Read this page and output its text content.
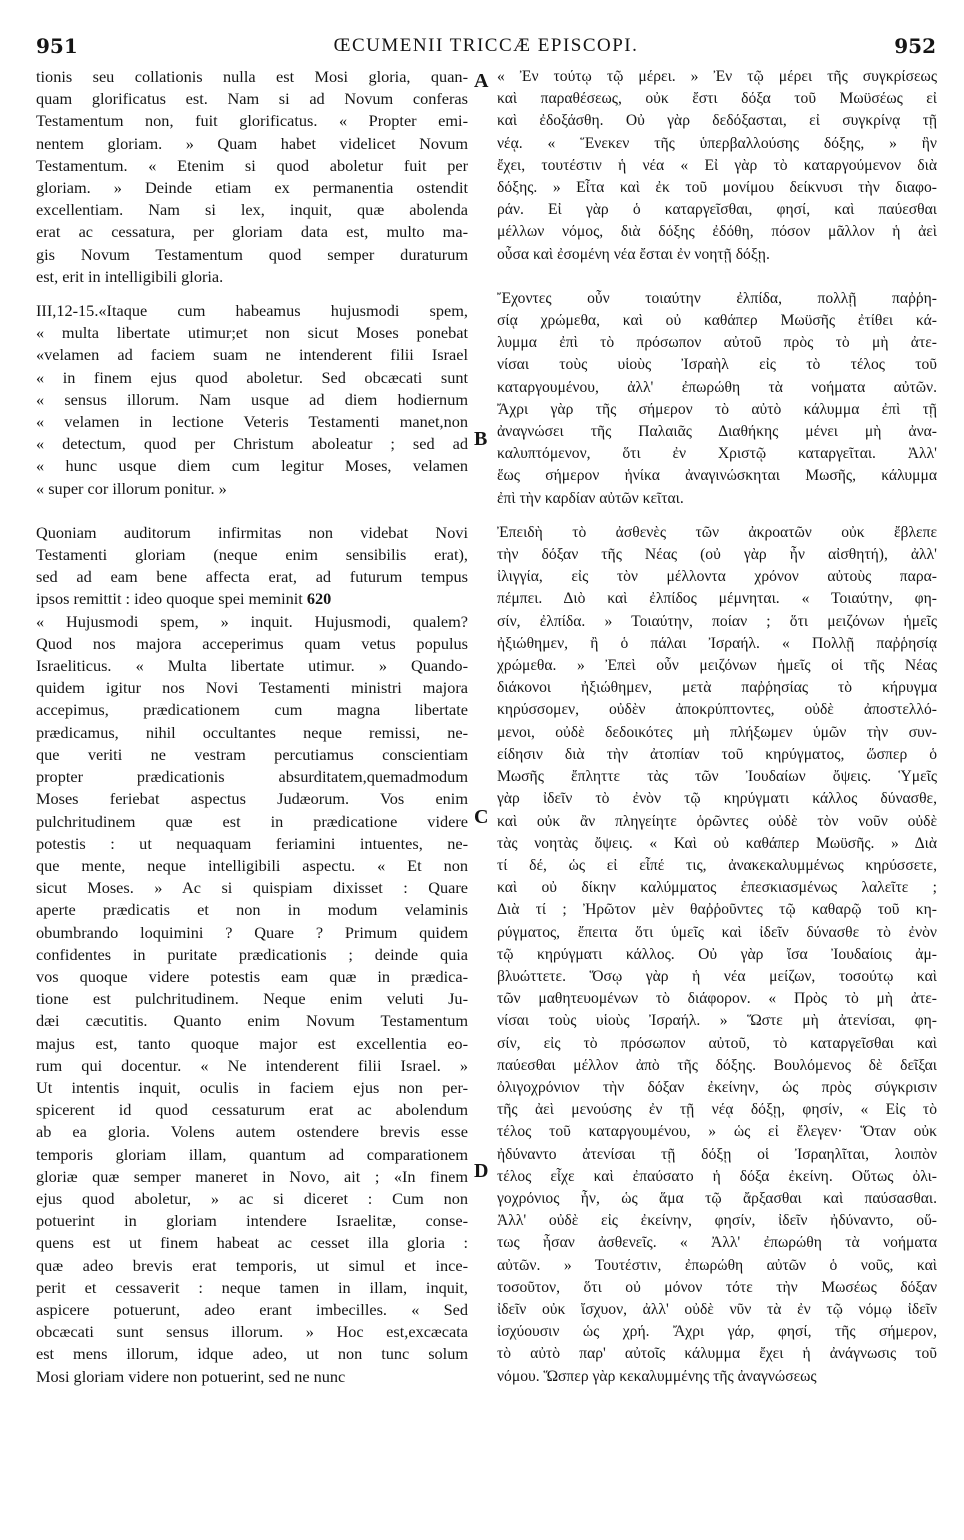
951	ŒCUMENII TRICCÆ EPISCOPI.	952
A
B
C
D
tionis seu collationis nulla est Mosi gloria, quan-
quam glorificatus est. Nam si ad Novum conferas
Testamentum non, fuit glorificatus. « Propter emi-
nentem gloriam. » Quam habet videlicet Novum
Testamentum. « Etenim si quod aboletur fuit per
gloriam. » Deinde etiam ex permanentia ostendit
excellentiam. Nam si lex, inquit, quæ abolenda
erat ac cessatura, per gloriam data est, multo ma-
gis Novum Testamentum quod semper duraturum
est, erit in intelligibili gloria.
III,12-15.«Itaque cum habeamus hujusmodi spem,
« multa libertate utimur;et non sicut Moses ponebat
«velamen ad faciem suam ne intenderent filii Israel
« in finem ejus quod aboletur. Sed obcæcati sunt
« sensus illorum. Nam usque ad diem hodiernum
« velamen in lectione Veteris Testamenti manet,non
« detectum, quod per Christum aboleatur ; sed ad
« hunc usque diem cum legitur Moses, velamen
« super cor illorum ponitur. »
Quoniam auditorum infirmitas non videbat Novi
Testamenti gloriam (neque enim sensibilis erat),
sed ad eam bene affecta erat, ad futurum tempus
ipsos remittit : ideo quoque spei meminit 620
« Hujusmodi spem, » inquit. Hujusmodi, qualem?
Quod nos majora acceperimus quam vetus populus
Israeliticus. « Multa libertate utimur. » Quando-
quidem igitur nos Novi Testamenti ministri majora
accepimus, prædicationem cum magna libertate
prædicamus, nihil occultantes neque remissi, ne-
que veriti ne vestram percutiamus conscientiam
propter prædicationis absurditatem,quemadmodum
Moses feriebat aspectus Judæorum. Vos enim
pulchritudinem quæ est in prædicatione videre
potestis : ut nequaquam feriamini intuentes, ne-
que mente, neque intelligibili aspectu. « Et non
sicut Moses. » Ac si quispiam dixisset : Quare
aperte prædicatis et non in modum velaminis
obumbrando loquimini ? Quare ? Primum quidem
confidentes in puritate prædicationis ; deinde quia
vos quoque videre potestis eam quæ in prædica-
tione est pulchritudinem. Neque enim veluti Ju-
dæi cæcutitis. Quanto enim Novum Testamentum
majus est, tanto quoque major est excellentia eo-
rum qui docentur. « Ne intenderent filii Israel. »
Ut intentis inquit, oculis in faciem ejus non per-
spicerent id quod cessaturum erat ac abolendum
ab ea gloria. Volens autem ostendere brevis esse
temporis gloriam illam, quantum ad comparationem
gloriæ quæ semper maneret in Novo, ait ; «In finem
ejus quod aboletur, » ac si diceret : Cum non
potuerint in gloriam intendere Israelitæ, conse-
quens est ut finem habeat ac cesset illa gloria :
quæ adeo brevis erat temporis, ut simul et ince-
perit et cessaverit : neque tamen in illam, inquit,
aspicere potuerunt, adeo erant imbecilles. « Sed
obcæcati sunt sensus illorum. » Hoc est,excæcata
est mens illorum, idque adeo, ut non tunc solum
Mosi gloriam videre non potuerint, sed ne nunc
« Ἐν τούτῳ τῷ μέρει. » Ἐν τῷ μέρει τῆς συγκρίσεως
καὶ παραθέσεως, οὐκ ἔστι δόξα τοῦ Μωϋσέως εἰ
καὶ ἐδοξάσθη. Οὐ γὰρ δεδόξασται, εἰ συγκρίνᾳ τῇ
νέᾳ. « Ἕνεκεν τῆς ὑπερβαλλούσης δόξης, » ἣν
ἔχει, τουτέστιν ἡ νέα « Εἰ γὰρ τὸ καταργούμενον διὰ
δόξης. » Εἶτα καὶ ἐκ τοῦ μονίμου δείκνυσι τὴν διαφο-
ράν. Εἰ γὰρ ὁ καταργεῖσθαι, φησί, καὶ παύεσθαι
μέλλων νόμος, διὰ δόξης ἐδόθη, πόσον μᾶλλον ἡ ἀεὶ
οὖσα καὶ ἐσομένη νέα ἔσται ἐν νοητῇ δόξῃ.
Ἔχοντες οὖν τοιαύτην ἐλπίδα, πολλῇ παῤῥη-
σίᾳ χρώμεθα, καὶ οὐ καθάπερ Μωϋσῆς ἐτίθει κά-
λυμμα ἐπὶ τὸ πρόσωπον αὐτοῦ πρὸς τὸ μὴ ἀτε-
νίσαι τοὺς υἱοὺς Ἰσραὴλ εἰς τὸ τέλος τοῦ
καταργουμένου, ἀλλ' ἐπωρώθη τὰ νοήματα αὐτῶν.
Ἄχρι γὰρ τῆς σήμερον τὸ αὐτὸ κάλυμμα ἐπὶ τῇ
ἀναγνώσει τῆς Παλαιᾶς Διαθήκης μένει μὴ ἀνα-
καλυπτόμενον, ὅτι ἐν Χριστῷ καταργεῖται. Ἀλλ'
ἕως σήμερον ἡνίκα ἀναγινώσκηται Μωσῆς, κάλυμμα
ἐπὶ τὴν καρδίαν αὐτῶν κεῖται.
Ἐπειδὴ τὸ ἀσθενὲς τῶν ἀκροατῶν οὐκ ἔβλεπε
τὴν δόξαν τῆς Νέας (οὐ γὰρ ἦν αἰσθητή), ἀλλ'
ἰλιγγία, εἰς τὸν μέλλοντα χρόνον αὐτοὺς παρα-
πέμπει. Διὸ καὶ ἐλπίδος μέμνηται. « Τοιαύτην, φη-
σίν, ἐλπίδα. » Τοιαύτην, ποίαν ; ὅτι μειζόνων ἡμεῖς
ἠξιώθημεν, ἢ ὁ πάλαι Ἰσραήλ. « Πολλῇ παῤῥησίᾳ
χρώμεθα. » Ἐπεὶ οὖν μειζόνων ἡμεῖς οἱ τῆς Νέας
διάκονοι ἠξιώθημεν, μετὰ παῤῥησίας τὸ κήρυγμα
κηρύσσομεν, οὐδὲν ἀποκρύπτοντες, οὐδὲ ἀποστελλό-
μενοι, οὐδὲ δεδοικότες μὴ πλήξωμεν ὑμῶν τὴν συν-
είδησιν διὰ τὴν ἀτοπίαν τοῦ κηρύγματος, ὥσπερ ὁ
Μωσῆς ἔπληττε τὰς τῶν Ἰουδαίων ὄψεις. Ὑμεῖς
γὰρ ἰδεῖν τὸ ἐνὸν τῷ κηρύγματι κάλλος δύνασθε,
καὶ οὐκ ἂν πληγείητε ὁρῶντες οὐδὲ τὸν νοῦν οὐδὲ
τὰς νοητὰς ὄψεις. « Καὶ οὐ καθάπερ Μωϋσῆς. » Διὰ
τί δέ, ὡς εἰ εἶπέ τις, ἀνακεκαλυμμένως κηρύσσετε,
καὶ οὐ δίκην καλύμματος ἐπεσκιασμένως λαλεῖτε ;
Διὰ τί ; Ἠρῶτον μὲν θαῤῥοῦντες τῷ καθαρῷ τοῦ κη-
ρύγματος, ἔπειτα ὅτι ὑμεῖς καὶ ἰδεῖν δύνασθε τὸ ἐνὸν
τῷ κηρύγματι κάλλος. Οὐ γὰρ ἴσα Ἰουδαίοις ἀμ-
βλυώττετε. Ὅσῳ γὰρ ἡ νέα μείζων, τοσούτῳ καὶ
τῶν μαθητευομένων τὸ διάφορον. « Πρὸς τὸ μὴ ἀτε-
νίσαι τοὺς υἱοὺς Ἰσραήλ. » Ὥστε μὴ ἀτενίσαι, φη-
σίν, εἰς τὸ πρόσωπον αὐτοῦ, τὸ καταργεῖσθαι καὶ
παύεσθαι μέλλον ἀπὸ τῆς δόξης. Βουλόμενος δὲ δεῖξαι
ὀλιγοχρόνιον τὴν δόξαν ἐκείνην, ὡς πρὸς σύγκρισιν
τῆς ἀεὶ μενούσης ἐν τῇ νέᾳ δόξῃ, φησίν, « Εἰς τὸ
τέλος τοῦ καταργουμένου, » ὡς εἰ ἔλεγεν· Ὅταν οὐκ
ἠδύναντο ἀτενίσαι τῇ δόξῃ οἱ Ἰσραηλῖται, λοιπὸν
τέλος εἶχε καὶ ἐπαύσατο ἡ δόξα ἐκείνη. Οὕτως ὀλι-
γοχρόνιος ἦν, ὡς ἅμα τῷ ἄρξασθαι καὶ παύσασθαι.
Ἀλλ' οὐδὲ εἰς ἐκείνην, φησίν, ἰδεῖν ἠδύναντο, οὕ-
τως ἦσαν ἀσθενεῖς. « Ἀλλ' ἐπωρώθη τὰ νοήματα
αὐτῶν. » Τουτέστιν, ἐπωρώθη αὐτῶν ὁ νοῦς, καὶ
τοσοῦτον, ὅτι οὐ μόνον τότε τὴν Μωσέως δόξαν
ἰδεῖν οὐκ ἴσχυον, ἀλλ' οὐδὲ νῦν τὰ ἐν τῷ νόμῳ ἰδεῖν
ἰσχύουσιν ὡς χρή. Ἄχρι γάρ, φησί, τῆς σήμερον,
τὸ αὐτὸ παρ' αὐτοῖς κάλυμμα ἔχει ἡ ἀνάγνωσις τοῦ
νόμου. Ὥσπερ γὰρ κεκαλυμμένης τῆς ἀναγνώσεως
